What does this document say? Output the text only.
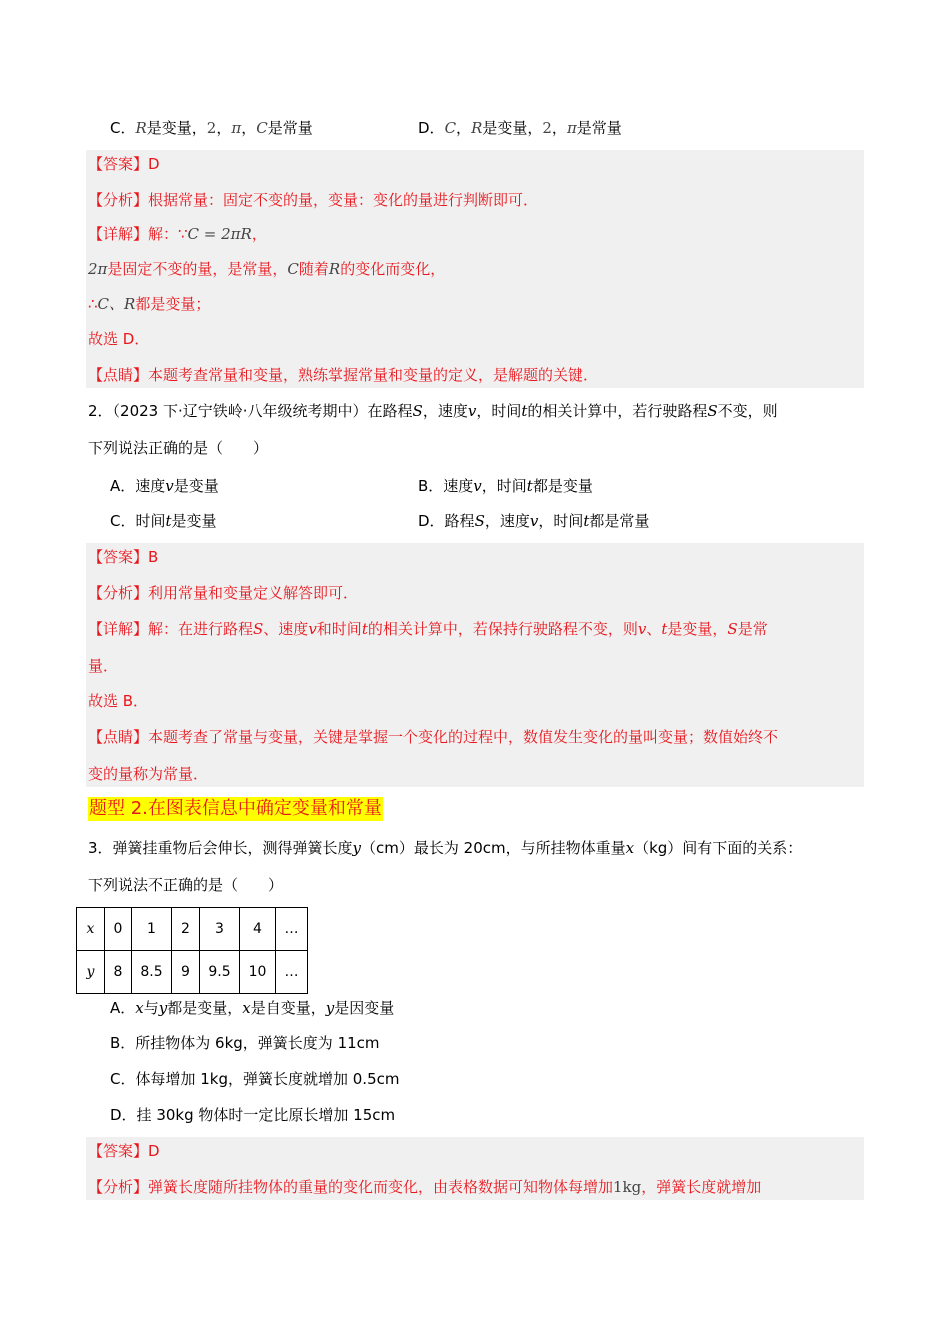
C．R是变量，2，π，C是常量	D．C，R是变量，2，π是常量
【答案】D
【分析】根据常量：固定不变的量，变量：变化的量进行判断即可．
【详解】解：∵C = 2πR，
2π是固定不变的量，是常量，C随着R的变化而变化，
∴C、R都是变量；
故选 D．
【点睛】本题考查常量和变量，熟练掌握常量和变量的定义，是解题的关键．
2．（2023 下·辽宁铁岭·八年级统考期中）在路程S，速度v，时间t的相关计算中，若行驶路程S不变，则
下列说法正确的是（　　）
A．速度v是变量	B．速度v，时间t都是变量
C．时间t是变量	D．路程S，速度v，时间t都是常量
【答案】B
【分析】利用常量和变量定义解答即可．
【详解】解：在进行路程S、速度v和时间t的相关计算中，若保持行驶路程不变，则v、t是变量，S是常
量．
故选 B．
【点睛】本题考查了常量与变量，关键是掌握一个变化的过程中，数值发生变化的量叫变量；数值始终不
变的量称为常量．
题型 2.在图表信息中确定变量和常量
3．弹簧挂重物后会伸长，测得弹簧长度y（cm）最长为 20cm，与所挂物体重量x（kg）间有下面的关系：
下列说法不正确的是（　　）
x	0	1	2	3	4	…
y	8	8.5	9	9.5	10	…
A．x与y都是变量，x是自变量，y是因变量
B．所挂物体为 6kg，弹簧长度为 11cm
C．体每增加 1kg，弹簧长度就增加 0.5cm
D．挂 30kg 物体时一定比原长增加 15cm
【答案】D
【分析】弹簧长度随所挂物体的重量的变化而变化，由表格数据可知物体每增加1kg，弹簧长度就增加
